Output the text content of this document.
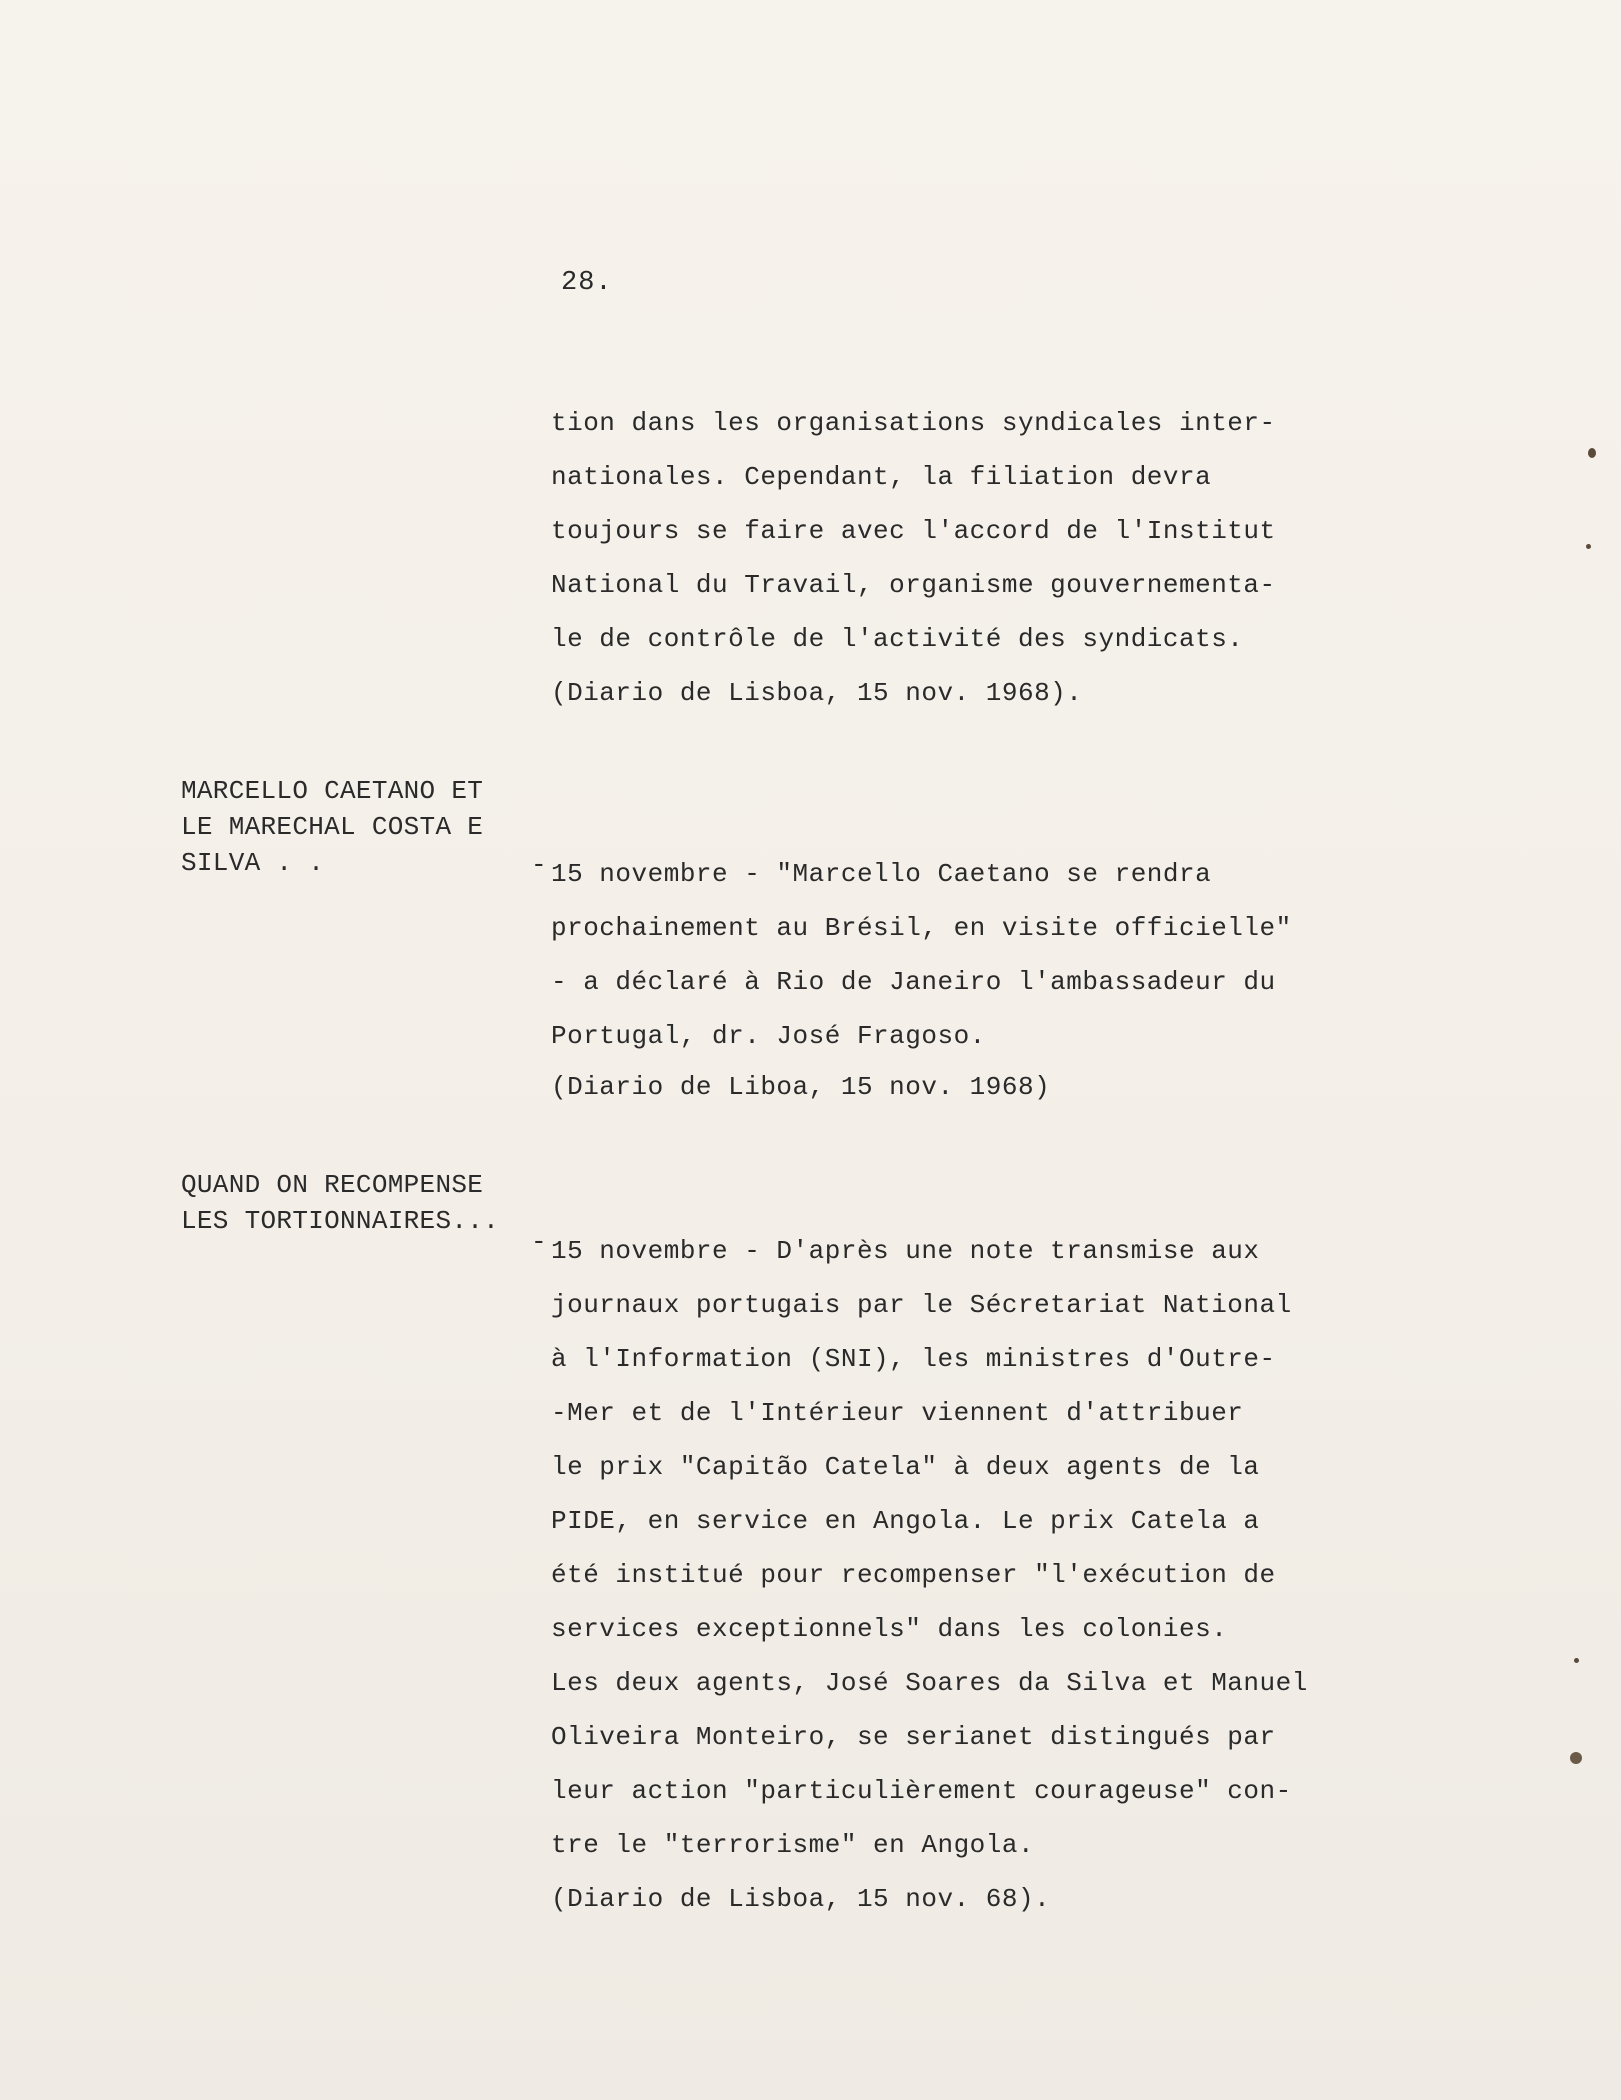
28.
tion dans les organisations syndicales inter-
nationales. Cependant, la filiation devra
toujours se faire avec l'accord de l'Institut
National du Travail, organisme gouvernementa-
le de contrôle de l'activité des syndicats.
(Diario de Lisboa, 15 nov. 1968).
MARCELLO CAETANO ET
LE MARECHAL COSTA E
SILVA . .	- 15 novembre - "Marcello Caetano se rendra
prochainement au Brésil, en visite officielle"
- a déclaré à Rio de Janeiro l'ambassadeur du
Portugal, dr. José Fragoso.
(Diario de Liboa, 15 nov. 1968)
QUAND ON RECOMPENSE
LES TORTIONNAIRES...
- 15 novembre - D'après une note transmise aux
journaux portugais par le Sécretariat National
à l'Information (SNI), les ministres d'Outre-
-Mer et de l'Intérieur viennent d'attribuer
le prix "Capitão Catela" à deux agents de la
PIDE, en service en Angola. Le prix Catela a
été institué pour recompenser "l'exécution de
services exceptionnels" dans les colonies.
Les deux agents, José Soares da Silva et Manuel
Oliveira Monteiro, se serianet distingués par
leur action "particulièrement courageuse" con-
tre le "terrorisme" en Angola.
(Diario de Lisboa, 15 nov. 68).
